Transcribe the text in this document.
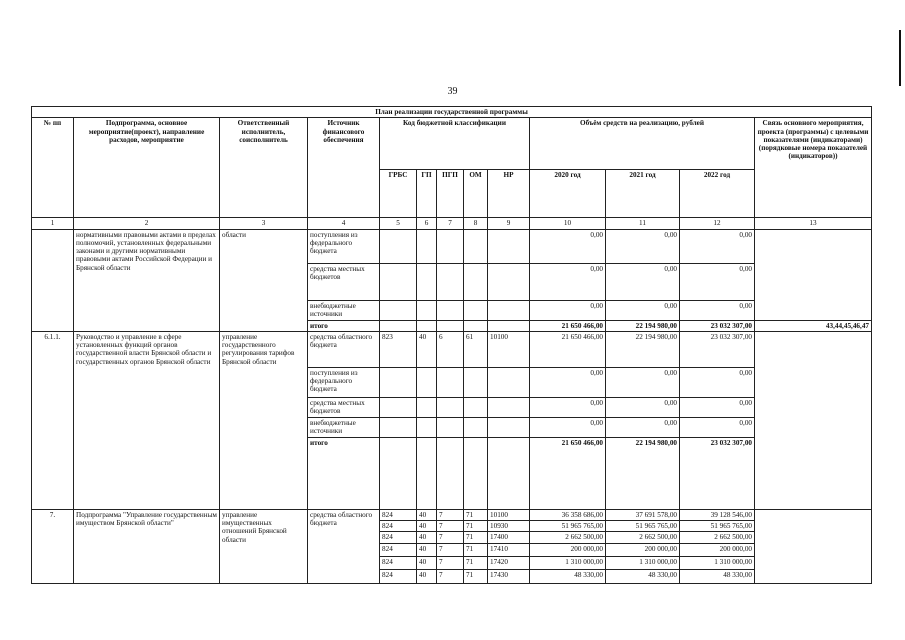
39
План реализации государственной программы												
№ пп	Подпрограмма, основное мероприятие(проект), направление расходов, мероприятие	Ответственный исполнитель, соисполнитель	Источник финансового обеспечения	Код бюджетной классификации					Объём средств на реализацию, рублей			Связь основного мероприятия, проекта (программы) с целевыми показателями (индикаторами) (порядковые номера показателей (индикаторов))
				ГРБС	ГП	ПГП	ОМ	НР	2020 год	2021 год	2022 год	
1	2	3	4	5	6	7	8	9	10	11	12	13
	нормативными правовыми актами в пределах полномочий, установленных федеральными законами и другими нормативными правовыми актами Российской Федерации и Брянской области	области	поступления из федерального бюджета						0,00	0,00	0,00	
			средства местных бюджетов						0,00	0,00	0,00	
			внебюджетные источники						0,00	0,00	0,00	
			итого						21 650 466,00	22 194 980,00	23 032 307,00	43,44,45,46,47
6.1.1.	Руководство и управление в сфере установленных функций органов государственной власти Брянской области и государственных органов Брянской области	управление государственного регулирования тарифов Брянской области	средства областного бюджета	823	40	6	61	10100	21 650 466,00	22 194 980,00	23 032 307,00	
			поступления из федерального бюджета						0,00	0,00	0,00	
			средства местных бюджетов						0,00	0,00	0,00	
			внебюджетные источники						0,00	0,00	0,00	
			итого						21 650 466,00	22 194 980,00	23 032 307,00	
7.	Подпрограмма "Управление государственным имуществом Брянской области"	управление имущественных отношений Брянской области	средства областного бюджета	824	40	7	71	10100	36 358 686,00	37 691 578,00	39 128 546,00	
				824	40	7	71	10930	51 965 765,00	51 965 765,00	51 965 765,00	
				824	40	7	71	17400	2 662 500,00	2 662 500,00	2 662 500,00	
				824	40	7	71	17410	200 000,00	200 000,00	200 000,00	
				824	40	7	71	17420	1 310 000,00	1 310 000,00	1 310 000,00	
				824	40	7	71	17430	48 330,00	48 330,00	48 330,00	
